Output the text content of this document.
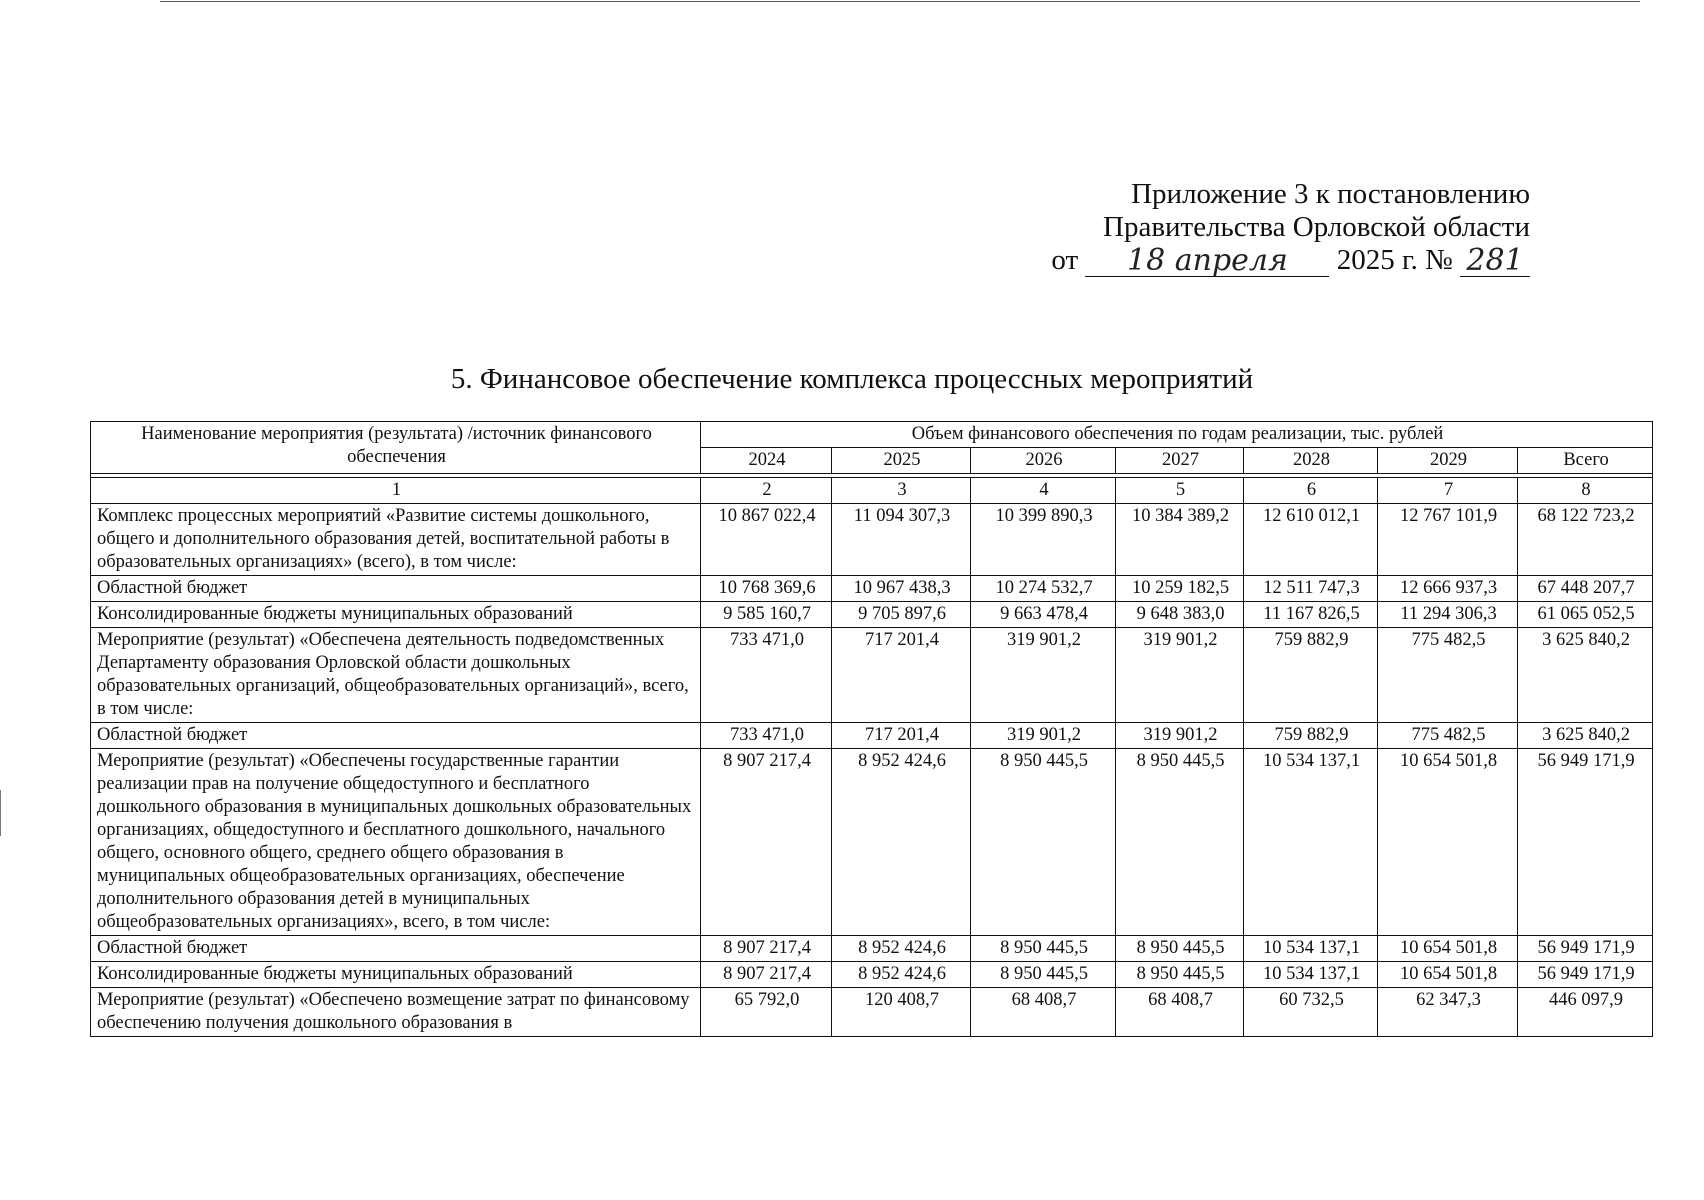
Приложение 3 к постановлению
Правительства Орловской области
от 18 апреля 2025 г. № 281
5. Финансовое обеспечение комплекса процессных мероприятий
Наименование мероприятия (результата) /источник финансового обеспечения	Объем финансового обеспечения по годам реализации, тыс. рублей						
	2024	2025	2026	2027	2028	2029	Всего

1	2	3	4	5	6	7	8
Комплекс процессных мероприятий «Развитие системы дошкольного, общего и дополнительного образования детей, воспитательной работы в образовательных организациях» (всего), в том числе:	10 867 022,4	11 094 307,3	10 399 890,3	10 384 389,2	12 610 012,1	12 767 101,9	68 122 723,2
Областной бюджет	10 768 369,6	10 967 438,3	10 274 532,7	10 259 182,5	12 511 747,3	12 666 937,3	67 448 207,7
Консолидированные бюджеты муниципальных образований	9 585 160,7	9 705 897,6	9 663 478,4	9 648 383,0	11 167 826,5	11 294 306,3	61 065 052,5
Мероприятие (результат) «Обеспечена деятельность подведомственных Департаменту образования Орловской области дошкольных образовательных организаций, общеобразовательных организаций», всего, в том числе:	733 471,0	717 201,4	319 901,2	319 901,2	759 882,9	775 482,5	3 625 840,2
Областной бюджет	733 471,0	717 201,4	319 901,2	319 901,2	759 882,9	775 482,5	3 625 840,2
Мероприятие (результат) «Обеспечены государственные гарантии реализации прав на получение общедоступного и бесплатного дошкольного образования в муниципальных дошкольных образовательных организациях, общедоступного и бесплатного дошкольного, начального общего, основного общего, среднего общего образования в муниципальных общеобразовательных организациях, обеспечение дополнительного образования детей в муниципальных общеобразовательных организациях», всего, в том числе:	8 907 217,4	8 952 424,6	8 950 445,5	8 950 445,5	10 534 137,1	10 654 501,8	56 949 171,9
Областной бюджет	8 907 217,4	8 952 424,6	8 950 445,5	8 950 445,5	10 534 137,1	10 654 501,8	56 949 171,9
Консолидированные бюджеты муниципальных образований	8 907 217,4	8 952 424,6	8 950 445,5	8 950 445,5	10 534 137,1	10 654 501,8	56 949 171,9
Мероприятие (результат) «Обеспечено возмещение затрат по финансовому обеспечению получения дошкольного образования в	65 792,0	120 408,7	68 408,7	68 408,7	60 732,5	62 347,3	446 097,9
